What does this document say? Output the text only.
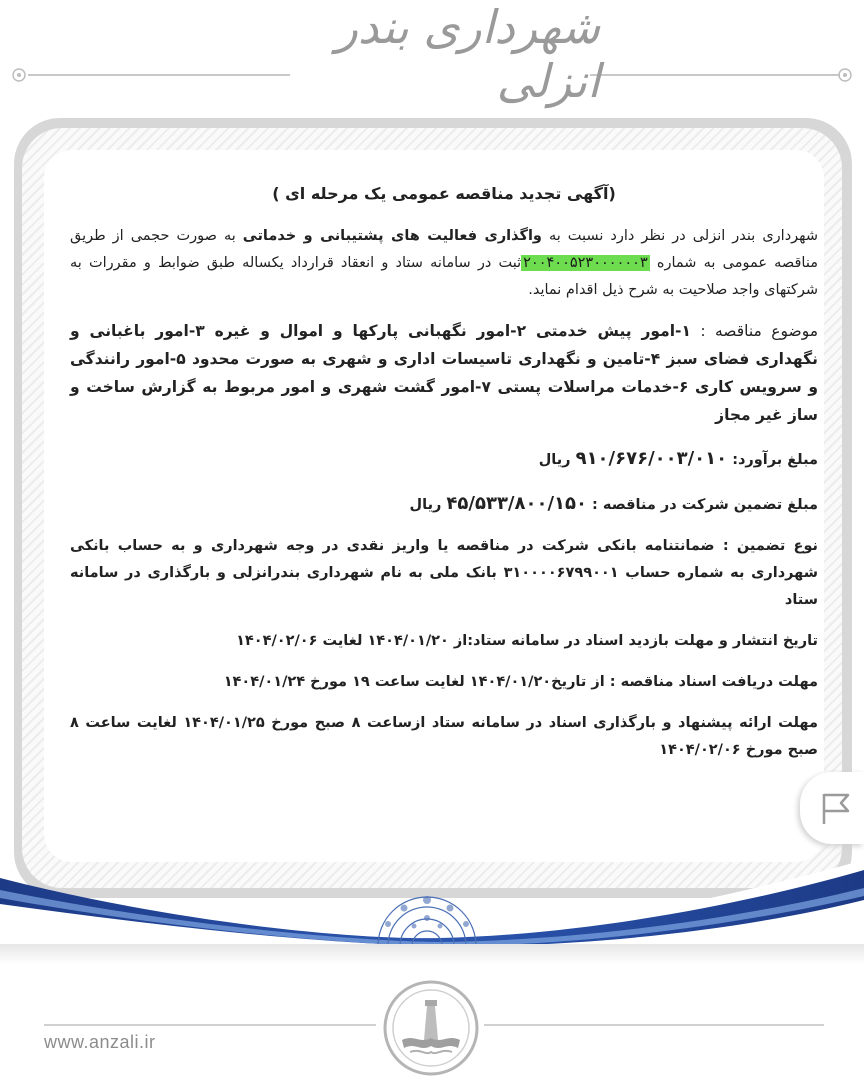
شهرداری بندر انزلی
(آگهی تجدید مناقصه عمومی یک مرحله ای )
شهرداری بندر انزلی در نظر دارد نسبت به واگذاری فعالیت های پشتیبانی و خدماتی به صورت حجمی از طریق مناقصه عمومی به شماره ۲۰۰۴۰۰۵۲۳۰۰۰۰۰۰۳ثبت در سامانه ستاد و انعقاد قرارداد یکساله طبق ضوابط و مقررات به شرکتهای واجد صلاحیت به شرح ذیل اقدام نماید.
موضوع مناقصه : ۱-امور پیش خدمتی ۲-امور نگهبانی پارکها و اموال و غیره ۳-امور باغبانی و نگهداری فضای سبز ۴-تامین و نگهداری تاسیسات اداری و شهری به صورت محدود ۵-امور رانندگی و سرویس کاری ۶-خدمات مراسلات پستی ۷-امور گشت شهری و امور مربوط به گزارش ساخت و ساز غیر مجاز
مبلغ برآورد: ۹۱۰/۶۷۶/۰۰۳/۰۱۰ ریال
مبلغ تضمین شرکت در مناقصه : ۴۵/۵۳۳/۸۰۰/۱۵۰ ریال
نوع تضمین : ضمانتنامه بانکی شرکت در مناقصه یا واریز نقدی در وجه شهرداری و به حساب بانکی شهرداری به شماره حساب ۳۱۰۰۰۰۶۷۹۹۰۰۱ بانک ملی به نام شهرداری بندرانزلی و بارگذاری در سامانه ستاد
تاریخ انتشار و مهلت بازدید اسناد در سامانه ستاد:از ۱۴۰۴/۰۱/۲۰ لغایت ۱۴۰۴/۰۲/۰۶
مهلت دریافت اسناد مناقصه : از تاریخ۱۴۰۴/۰۱/۲۰ لغایت ساعت ۱۹ مورخ ۱۴۰۴/۰۱/۲۴
مهلت ارائه پیشنهاد و بارگذاری اسناد در سامانه ستاد ازساعت ۸ صبح مورخ ۱۴۰۴/۰۱/۲۵ لغایت ساعت ۸ صبح مورخ ۱۴۰۴/۰۲/۰۶
www.anzali.ir
